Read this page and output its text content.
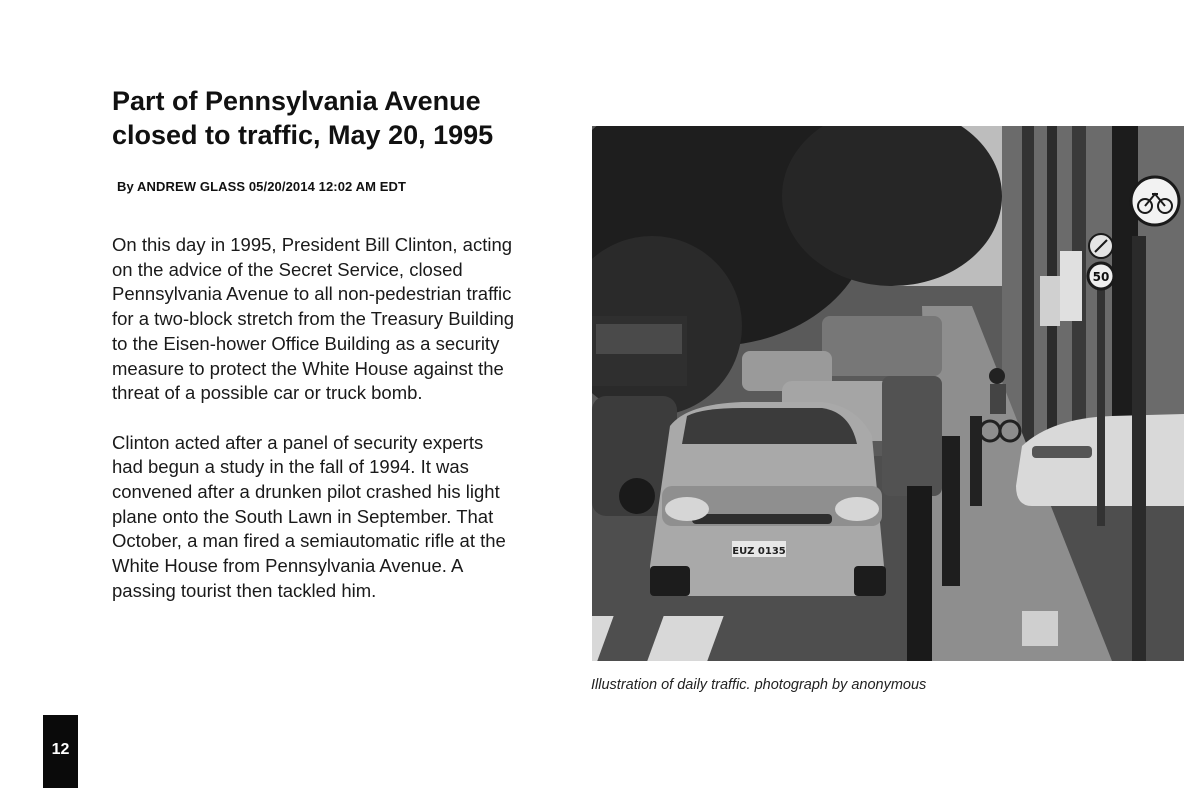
Part of Pennsylvania Avenue closed to traffic, May 20, 1995
By ANDREW GLASS 05/20/2014 12:02 AM EDT

On this day in 1995, President Bill Clinton, acting on the advice of the Secret Service, closed Pennsylvania Avenue to all non-pedestrian traffic for a two-block stretch from the Treasury Building to the Eisen-hower Office Building as a security measure to protect the White House against the threat of a possible car or truck bomb.

Clinton acted after a panel of security experts had begun a study in the fall of 1994. It was convened after a drunken pilot crashed his light plane onto the South Lawn in September. That October, a man fired a semiautomatic rifle at the White House from Pennsylvania Avenue. A passing tourist then tackled him.

EUZ 0135
50
Illustration of daily traffic. photograph by anonymous
12
